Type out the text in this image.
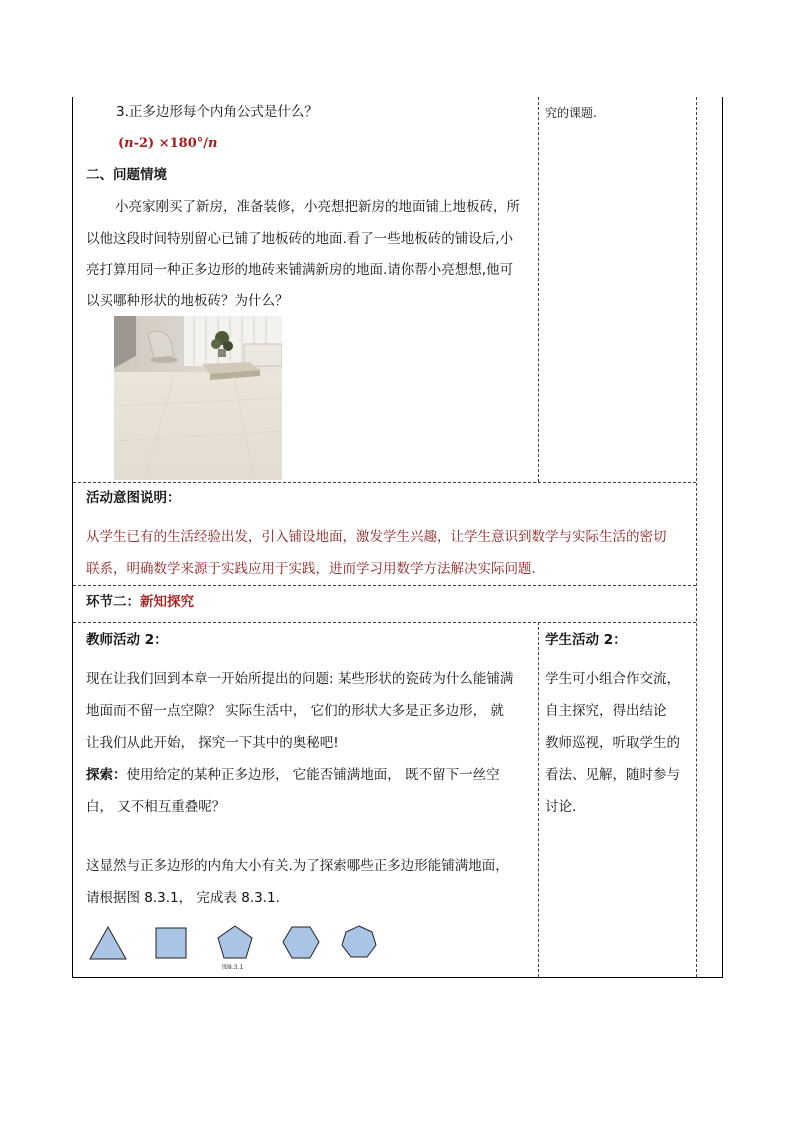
3.正多边形每个内角公式是什么？
(n-2) ×180°/n
二、问题情境
小亮家刚买了新房，准备装修，小亮想把新房的地面铺上地板砖，所
以他这段时间特别留心已铺了地板砖的地面.看了一些地板砖的铺设后,小
亮打算用同一种正多边形的地砖来铺满新房的地面.请你帮小亮想想,他可
以买哪种形状的地板砖？为什么？
究的课题.
活动意图说明：
从学生已有的生活经验出发，引入铺设地面，激发学生兴趣，让学生意识到数学与实际生活的密切
联系，明确数学来源于实践应用于实践，进而学习用数学方法解决实际问题.
环节二：新知探究
教师活动 2：
现在让我们回到本章一开始所提出的问题: 某些形状的瓷砖为什么能铺满
地面而不留一点空隙？ 实际生活中， 它们的形状大多是正多边形， 就
让我们从此开始， 探究一下其中的奥秘吧!
探索：使用给定的某种正多边形， 它能否铺满地面， 既不留下一丝空
白， 又不相互重叠呢？
这显然与正多边形的内角大小有关.为了探索哪些正多边形能铺满地面，
请根据图 8.3.1， 完成表 8.3.1.
图8.3.1
学生活动 2：
学生可小组合作交流，
自主探究，得出结论
教师巡视，听取学生的
看法、见解，随时参与
讨论.
